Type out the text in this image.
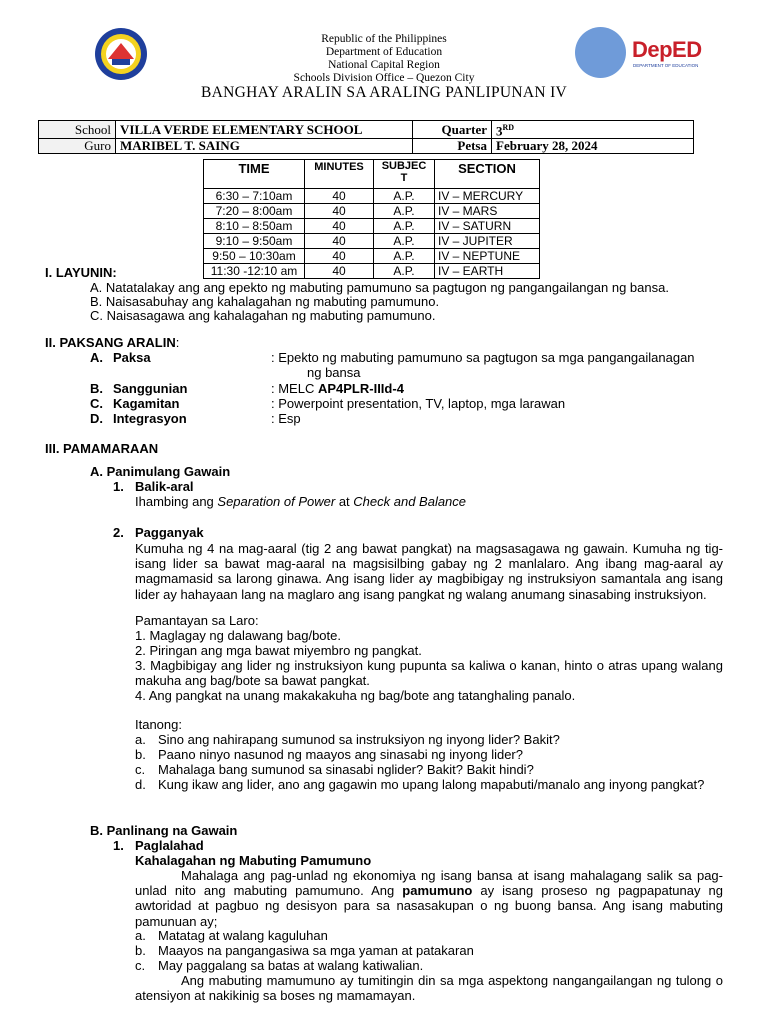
Republic of the Philippines
Department of Education
National Capital Region
Schools Division Office – Quezon City
BANGHAY ARALIN SA ARALING PANLIPUNAN IV
DepED
DEPARTMENT OF EDUCATION
School	VILLA VERDE ELEMENTARY SCHOOL	Quarter	3RD
Guro	MARIBEL T. SAING	Petsa	February 28, 2024
TIME	MINUTES	SUBJEC T	SECTION
6:30 – 7:10am	40	A.P.	IV – MERCURY
7:20 – 8:00am	40	A.P.	IV – MARS
8:10 – 8:50am	40	A.P.	IV – SATURN
9:10 – 9:50am	40	A.P.	IV – JUPITER
9:50 – 10:30am	40	A.P.	IV – NEPTUNE
11:30 -12:10 am	40	A.P.	IV – EARTH
I. LAYUNIN:
A. Natatalakay ang ang epekto ng mabuting pamumuno sa pagtugon ng pangangailangan ng bansa.
B. Naisasabuhay ang kahalagahan ng mabuting pamumuno.
C. Naisasagawa ang kahalagahan ng mabuting pamumuno.
II. PAKSANG ARALIN:
A. Paksa	: Epekto ng mabuting pamumuno sa pagtugon sa mga pangangailanagan
ng bansa
B. Sanggunian	: MELC AP4PLR-IIId-4
C. Kagamitan	: Powerpoint presentation, TV, laptop, mga larawan
D. Integrasyon	: Esp
III. PAMAMARAAN
A. Panimulang Gawain
1. Balik-aral
Ihambing ang Separation of Power at Check and Balance
2. Pagganyak
Kumuha ng 4 na mag-aaral (tig 2 ang bawat pangkat) na magsasagawa ng gawain. Kumuha ng tig-isang lider sa bawat mag-aaral na magsisilbing gabay ng 2 manlalaro. Ang ibang mag-aaral ay magmamasid sa larong ginawa. Ang isang lider ay magbibigay ng instruksiyon samantala ang isang lider ay hahayaan lang na maglaro ang isang pangkat ng walang anumang sinasabing instruksiyon.
Pamantayan sa Laro:
1. Maglagay ng dalawang bag/bote.
2. Piringan ang mga bawat miyembro ng pangkat.
3. Magbibigay ang lider ng instruksiyon kung pupunta sa kaliwa o kanan, hinto o atras upang walang makuha ang bag/bote sa bawat pangkat.
4. Ang pangkat na unang makakakuha ng bag/bote ang tatanghaling panalo.
Itanong:
a. Sino ang nahirapang sumunod sa instruksiyon ng inyong lider? Bakit?
b. Paano ninyo nasunod ng maayos ang sinasabi ng inyong lider?
c. Mahalaga bang sumunod sa sinasabi nglider? Bakit? Bakit hindi?
d. Kung ikaw ang lider, ano ang gagawin mo upang lalong mapabuti/manalo ang inyong pangkat?
B. Panlinang na Gawain
1. Paglalahad
Kahalagahan ng Mabuting Pamumuno
Mahalaga ang pag-unlad ng ekonomiya ng isang bansa at isang mahalagang salik sa pag-unlad nito ang mabuting pamumuno. Ang pamumuno ay isang proseso ng pagpapatunay ng awtoridad at pagbuo ng desisyon para sa nasasakupan o ng buong bansa. Ang isang mabuting pamunuan ay;
a. Matatag at walang kaguluhan
b. Maayos na pangangasiwa sa mga yaman at patakaran
c. May paggalang sa batas at walang katiwalian.
Ang mabuting mamumuno ay tumitingin din sa mga aspektong nangangailangan ng tulong o atensiyon at nakikinig sa boses ng mamamayan.
